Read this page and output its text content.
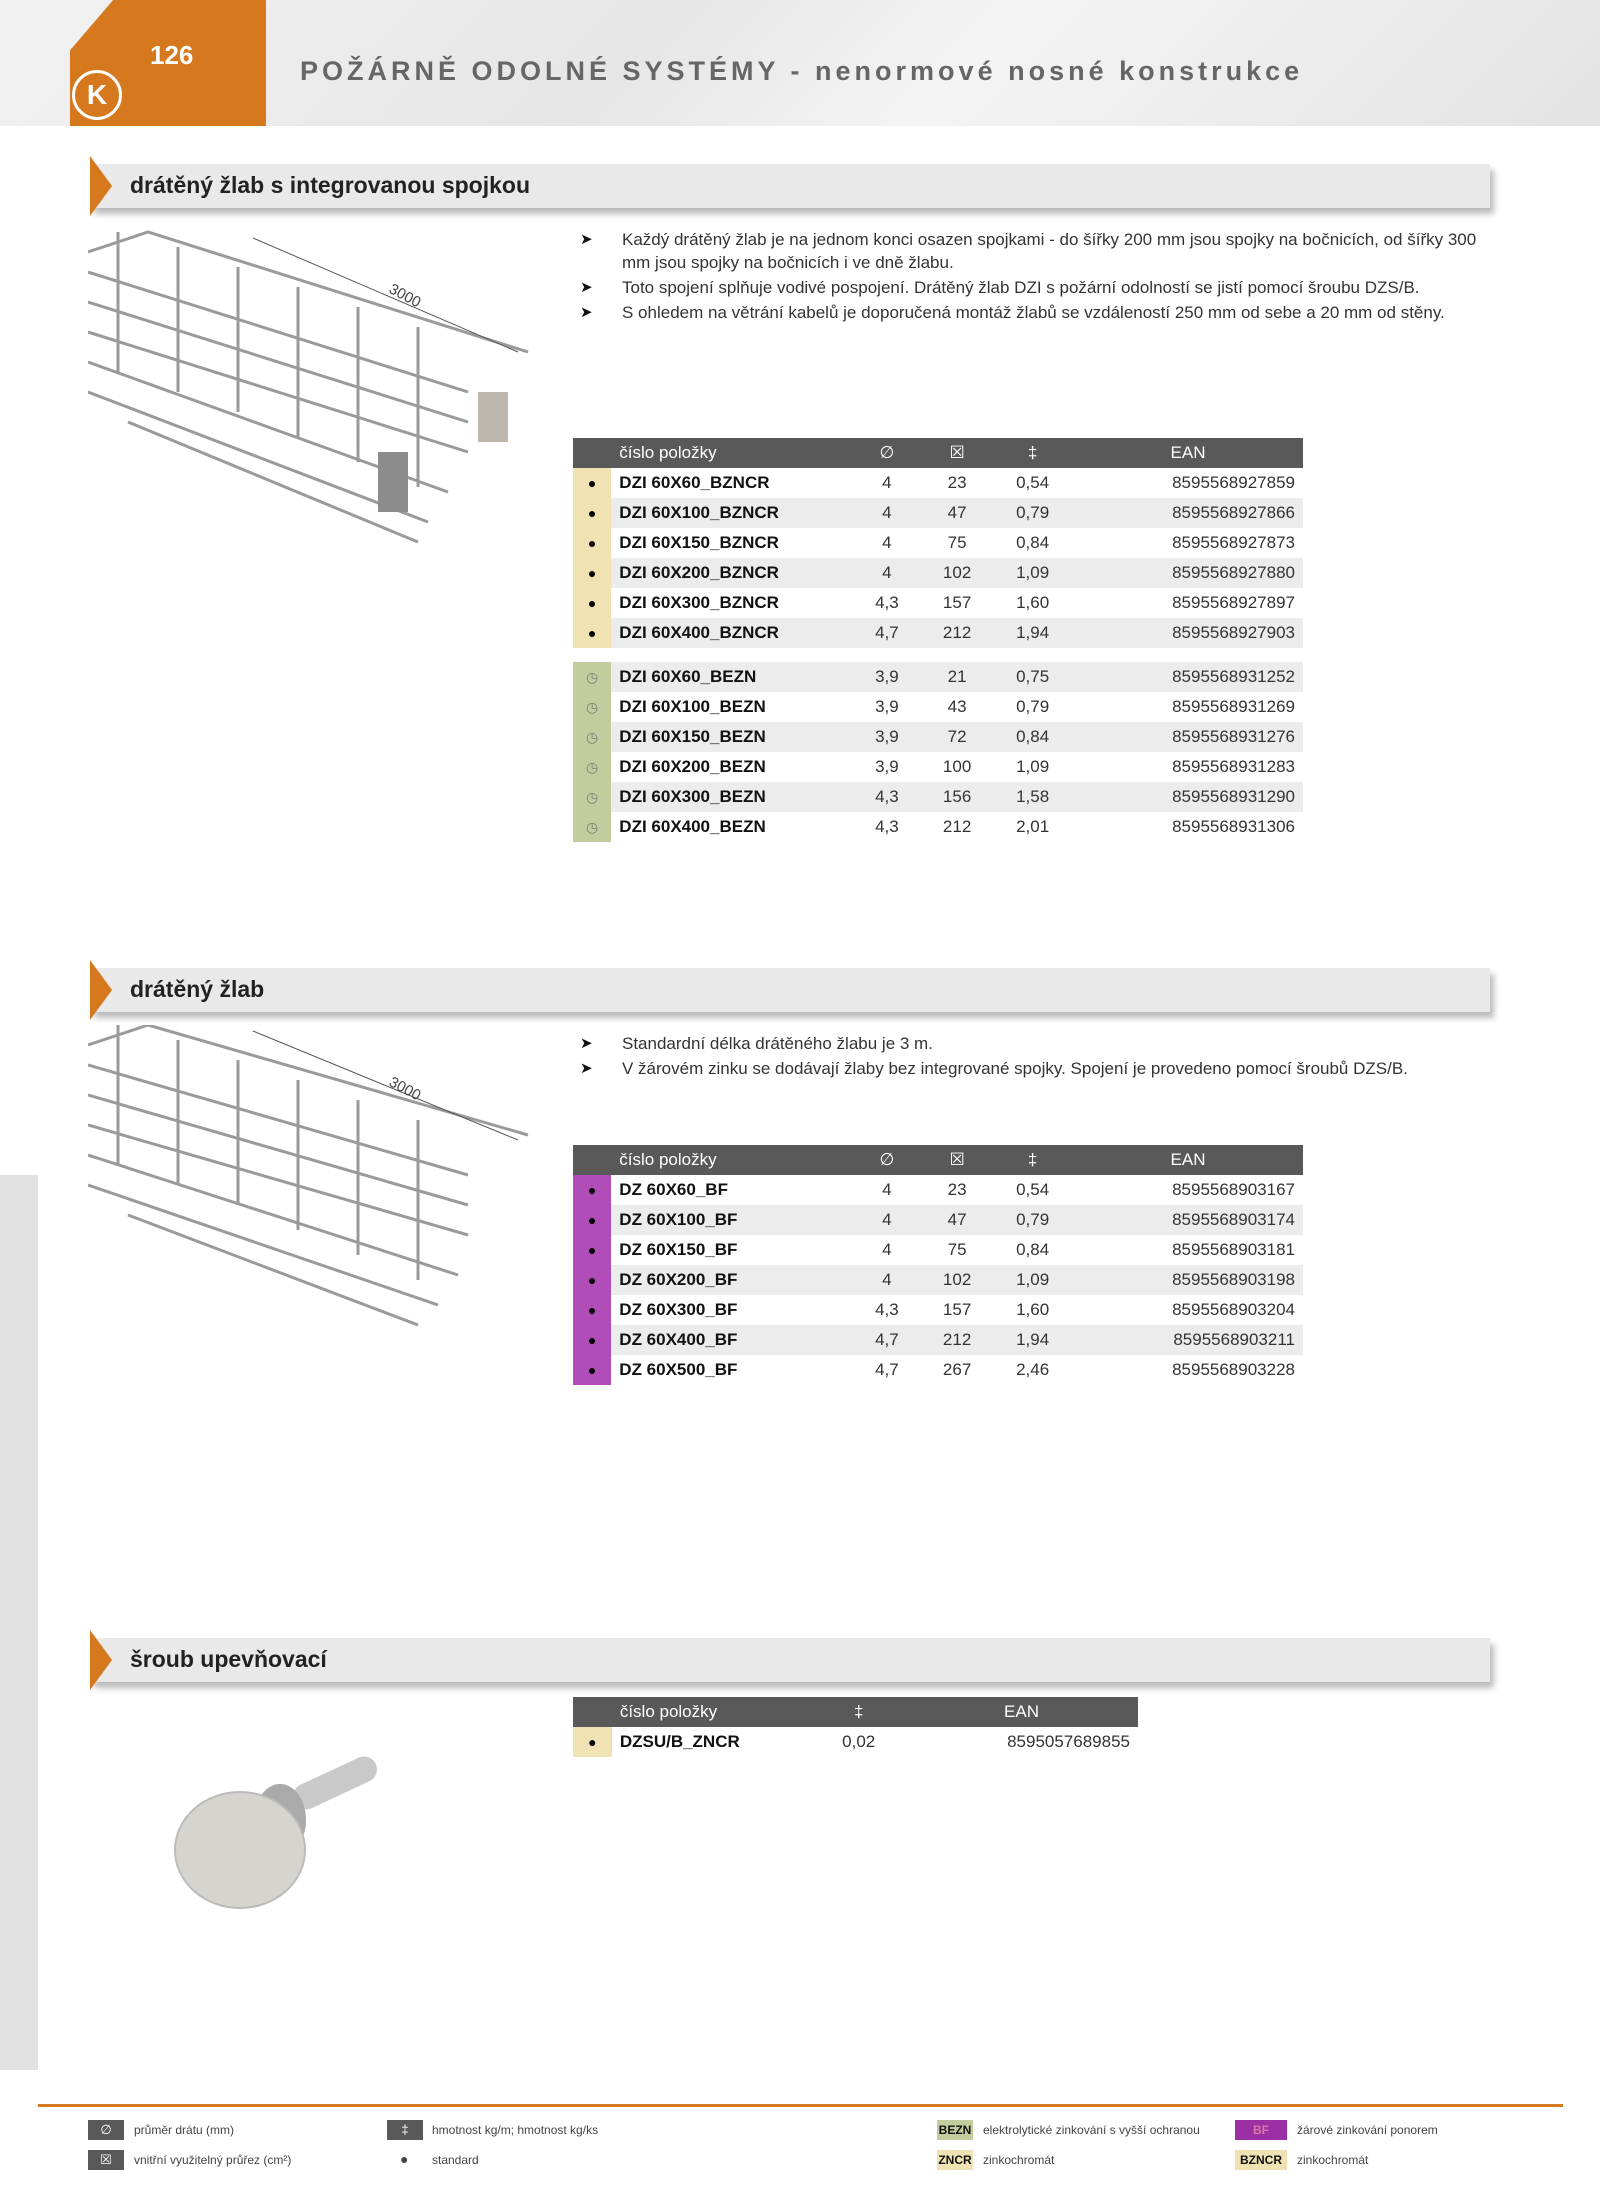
126
K
POŽÁRNĚ ODOLNÉ SYSTÉMY - nenormové nosné konstrukce
drátěný žlab s integrovanou spojkou
3000
➤ Každý drátěný žlab je na jednom konci osazen spojkami - do šířky 200 mm jsou spojky na bočnicích, od šířky 300 mm jsou spojky na bočnicích i ve dně žlabu.
➤ Toto spojení splňuje vodivé pospojení. Drátěný žlab DZI s požární odolností se jistí pomocí šroubu DZS/B.
➤ S ohledem na větrání kabelů je doporučená montáž žlabů se vzdáleností 250 mm od sebe a 20 mm od stěny.
	číslo položky	∅	☒	‡	EAN
●	DZI 60X60_BZNCR	4	23	0,54	8595568927859
●	DZI 60X100_BZNCR	4	47	0,79	8595568927866
●	DZI 60X150_BZNCR	4	75	0,84	8595568927873
●	DZI 60X200_BZNCR	4	102	1,09	8595568927880
●	DZI 60X300_BZNCR	4,3	157	1,60	8595568927897
●	DZI 60X400_BZNCR	4,7	212	1,94	8595568927903

◷	DZI 60X60_BEZN	3,9	21	0,75	8595568931252
◷	DZI 60X100_BEZN	3,9	43	0,79	8595568931269
◷	DZI 60X150_BEZN	3,9	72	0,84	8595568931276
◷	DZI 60X200_BEZN	3,9	100	1,09	8595568931283
◷	DZI 60X300_BEZN	4,3	156	1,58	8595568931290
◷	DZI 60X400_BEZN	4,3	212	2,01	8595568931306
drátěný žlab
3000
➤ Standardní délka drátěného žlabu je 3 m.
➤ V žárovém zinku se dodávají žlaby bez integrované spojky. Spojení je provedeno pomocí šroubů DZS/B.
	číslo položky	∅	☒	‡	EAN
●	DZ 60X60_BF	4	23	0,54	8595568903167
●	DZ 60X100_BF	4	47	0,79	8595568903174
●	DZ 60X150_BF	4	75	0,84	8595568903181
●	DZ 60X200_BF	4	102	1,09	8595568903198
●	DZ 60X300_BF	4,3	157	1,60	8595568903204
●	DZ 60X400_BF	4,7	212	1,94	8595568903211
●	DZ 60X500_BF	4,7	267	2,46	8595568903228
šroub upevňovací
	číslo položky	‡	EAN
●	DZSU/B_ZNCR	0,02	8595057689855
∅	průměr drátu (mm)
☒	vnitřní využitelný průřez (cm²)
‡	hmotnost kg/m; hmotnost kg/ks
● standard
BEZN elektrolytické zinkování s vyšší ochranou
ZNCR zinkochromát
BF	žárové zinkování ponorem
BZNCR	zinkochromát
